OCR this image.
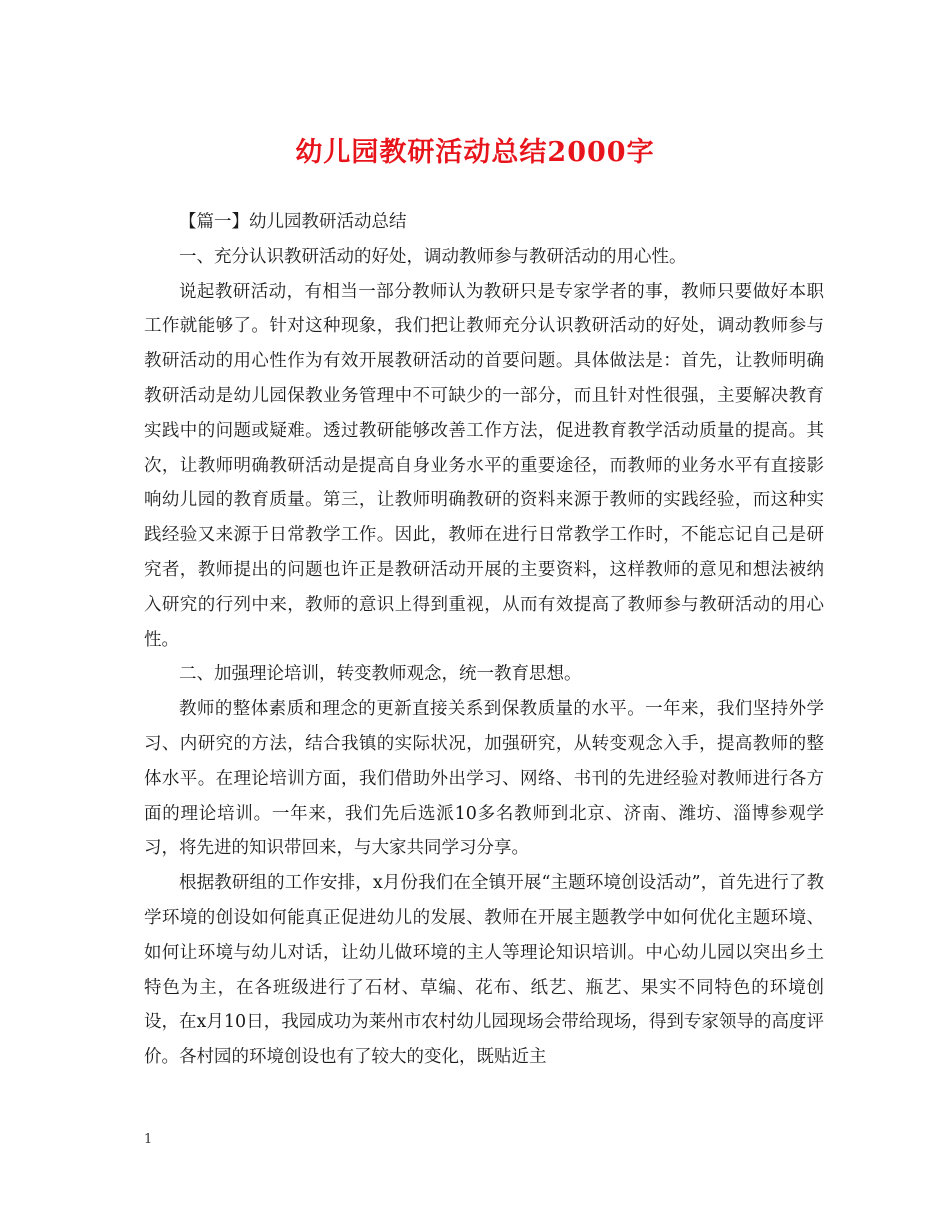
幼儿园教研活动总结2000字

【篇一】幼儿园教研活动总结

一、充分认识教研活动的好处，调动教师参与教研活动的用心性。

说起教研活动，有相当一部分教师认为教研只是专家学者的事，教师只要做好本职工作就能够了。针对这种现象，我们把让教师充分认识教研活动的好处，调动教师参与教研活动的用心性作为有效开展教研活动的首要问题。具体做法是：首先，让教师明确教研活动是幼儿园保教业务管理中不可缺少的一部分，而且针对性很强，主要解决教育实践中的问题或疑难。透过教研能够改善工作方法，促进教育教学活动质量的提高。其次，让教师明确教研活动是提高自身业务水平的重要途径，而教师的业务水平有直接影响幼儿园的教育质量。第三，让教师明确教研的资料来源于教师的实践经验，而这种实践经验又来源于日常教学工作。因此，教师在进行日常教学工作时，不能忘记自己是研究者，教师提出的问题也许正是教研活动开展的主要资料，这样教师的意见和想法被纳入研究的行列中来，教师的意识上得到重视，从而有效提高了教师参与教研活动的用心性。

二、加强理论培训，转变教师观念，统一教育思想。

教师的整体素质和理念的更新直接关系到保教质量的水平。一年来，我们坚持外学习、内研究的方法，结合我镇的实际状况，加强研究，从转变观念入手，提高教师的整体水平。在理论培训方面，我们借助外出学习、网络、书刊的先进经验对教师进行各方面的理论培训。一年来，我们先后选派10多名教师到北京、济南、潍坊、淄博参观学习，将先进的知识带回来，与大家共同学习分享。

根据教研组的工作安排，x月份我们在全镇开展“主题环境创设活动”，首先进行了教学环境的创设如何能真正促进幼儿的发展、教师在开展主题教学中如何优化主题环境、如何让环境与幼儿对话，让幼儿做环境的主人等理论知识培训。中心幼儿园以突出乡土特色为主，在各班级进行了石材、草编、花布、纸艺、瓶艺、果实不同特色的环境创设，在x月10日，我园成功为莱州市农村幼儿园现场会带给现场，得到专家领导的高度评价。各村园的环境创设也有了较大的变化，既贴近主

1
